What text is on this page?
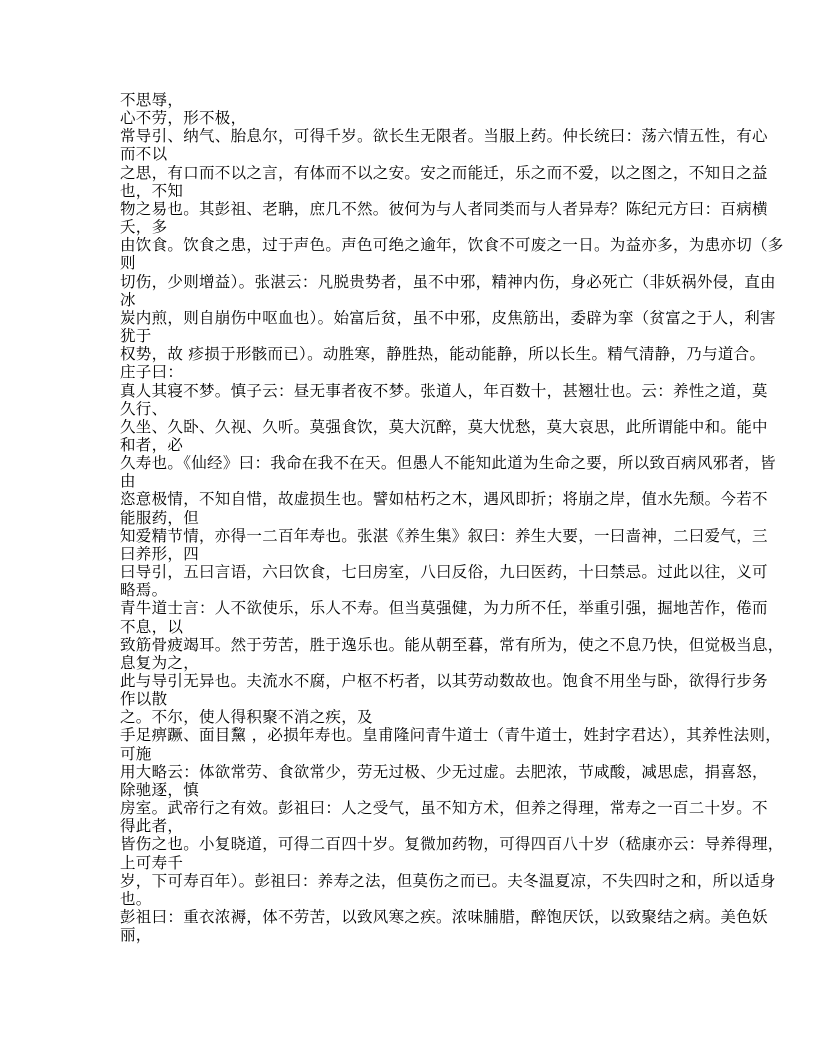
不思辱，
心不劳，形不极，
常导引、纳气、胎息尔，可得千岁。欲长生无限者。当服上药。仲长统曰：荡六情五性，有心
而不以
之思，有口而不以之言，有体而不以之安。安之而能迁，乐之而不爱，以之图之，不知日之益
也，不知
物之易也。其彭祖、老聃，庶几不然。彼何为与人者同类而与人者异寿？陈纪元方曰：百病横
夭，多
由饮食。饮食之患，过于声色。声色可绝之逾年，饮食不可废之一日。为益亦多，为患亦切（多
则
切伤，少则增益）。张湛云：凡脱贵势者，虽不中邪，精神内伤，身必死亡（非妖祸外侵，直由
冰
炭内煎，则自崩伤中呕血也）。始富后贫，虽不中邪，皮焦筋出，委辟为挛（贫富之于人，利害
犹于
权势，故 疹损于形骸而已）。动胜寒，静胜热，能动能静，所以长生。精气清静，乃与道合。
庄子曰：
真人其寝不梦。慎子云：昼无事者夜不梦。张道人，年百数十，甚翘壮也。云：养性之道，莫
久行、
久坐、久卧、久视、久听。莫强食饮，莫大沉醉，莫大忧愁，莫大哀思，此所谓能中和。能中
和者，必
久寿也。《仙经》曰：我命在我不在天。但愚人不能知此道为生命之要，所以致百病风邪者，皆
由
恣意极情，不知自惜，故虚损生也。譬如枯朽之木，遇风即折；将崩之岸，值水先颓。今若不
能服药，但
知爱精节情，亦得一二百年寿也。张湛《养生集》叙曰：养生大要，一曰啬神，二曰爱气，三
曰养形，四
曰导引，五曰言语，六曰饮食，七曰房室，八曰反俗，九曰医药，十曰禁忌。过此以往，义可
略焉。
青牛道士言：人不欲使乐，乐人不寿。但当莫强健，为力所不任，举重引强，掘地苦作，倦而
不息，以
致筋骨疲竭耳。然于劳苦，胜于逸乐也。能从朝至暮，常有所为，使之不息乃快，但觉极当息，
息复为之，
此与导引无异也。夫流水不腐，户枢不朽者，以其劳动数故也。饱食不用坐与卧，欲得行步务
作以散
之。不尔，使人得积聚不消之疾，及
手足痹蹶、面目黧 ，必损年寿也。皇甫隆问青牛道士（青牛道士，姓封字君达），其养性法则，
可施
用大略云：体欲常劳、食欲常少，劳无过极、少无过虚。去肥浓，节咸酸，减思虑，捐喜怒，
除驰逐，慎
房室。武帝行之有效。彭祖曰：人之受气，虽不知方术，但养之得理，常寿之一百二十岁。不
得此者，
皆伤之也。小复晓道，可得二百四十岁。复微加药物，可得四百八十岁（嵇康亦云：导养得理，
上可寿千
岁，下可寿百年）。彭祖曰：养寿之法，但莫伤之而已。夫冬温夏凉，不失四时之和，所以适身
也。
彭祖曰：重衣浓褥，体不劳苦，以致风寒之疾。浓味脯腊，醉饱厌饫，以致聚结之病。美色妖
丽，
